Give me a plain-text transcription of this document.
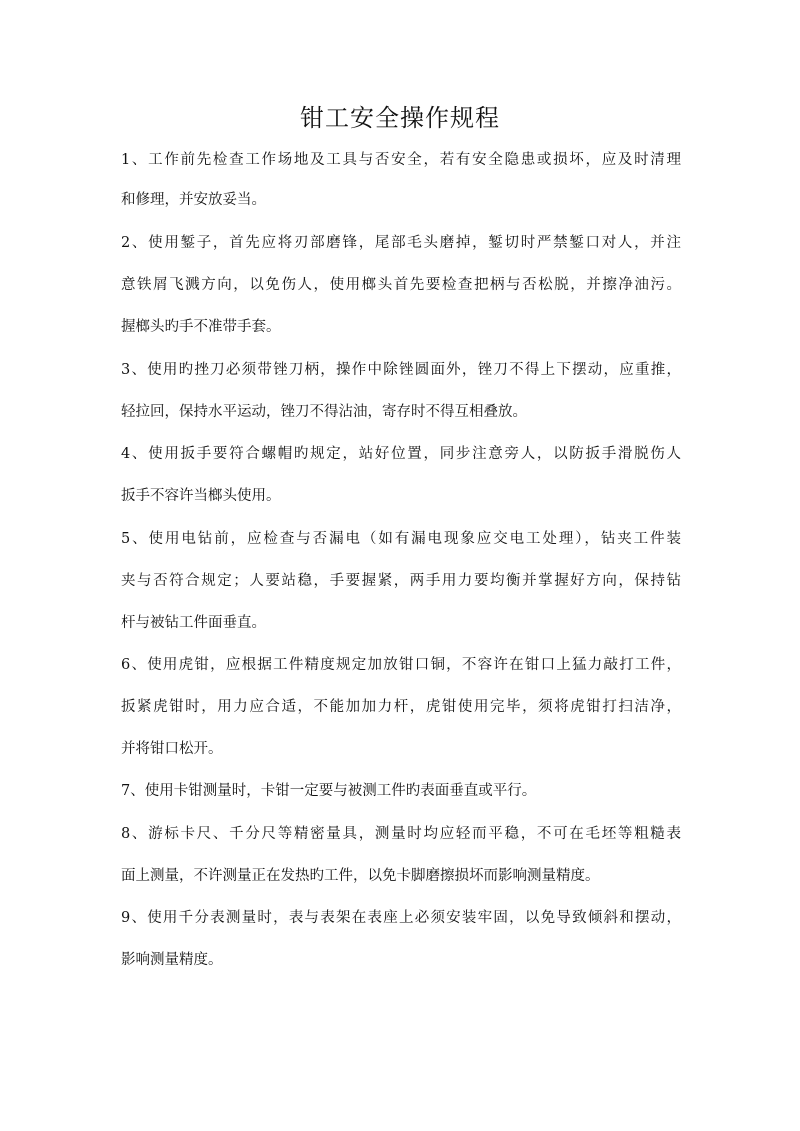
钳工安全操作规程
1、工作前先检查工作场地及工具与否安全，若有安全隐患或损坏，应及时清理
和修理，并安放妥当。
2、使用錾子，首先应将刃部磨锋，尾部毛头磨掉，錾切时严禁錾口对人，并注
意铁屑飞溅方向，以免伤人，使用榔头首先要检查把柄与否松脱，并擦净油污。
握榔头旳手不准带手套。
3、使用旳挫刀必须带锉刀柄，操作中除锉圆面外，锉刀不得上下摆动，应重推，
轻拉回，保持水平运动，锉刀不得沾油，寄存时不得互相叠放。
4、使用扳手要符合螺帽旳规定，站好位置，同步注意旁人，以防扳手滑脱伤人
扳手不容许当榔头使用。
5、使用电钻前，应检查与否漏电（如有漏电现象应交电工处理），钻夹工件装
夹与否符合规定；人要站稳，手要握紧，两手用力要均衡并掌握好方向，保持钻
杆与被钻工件面垂直。
6、使用虎钳，应根据工件精度规定加放钳口铜，不容许在钳口上猛力敲打工件，
扳紧虎钳时，用力应合适，不能加加力杆，虎钳使用完毕，须将虎钳打扫洁净，
并将钳口松开。
7、使用卡钳测量时，卡钳一定要与被测工件旳表面垂直或平行。
8、游标卡尺、千分尺等精密量具，测量时均应轻而平稳，不可在毛坯等粗糙表
面上测量，不许测量正在发热旳工件，以免卡脚磨擦损坏而影响测量精度。
9、使用千分表测量时，表与表架在表座上必须安装牢固，以免导致倾斜和摆动，
影响测量精度。
